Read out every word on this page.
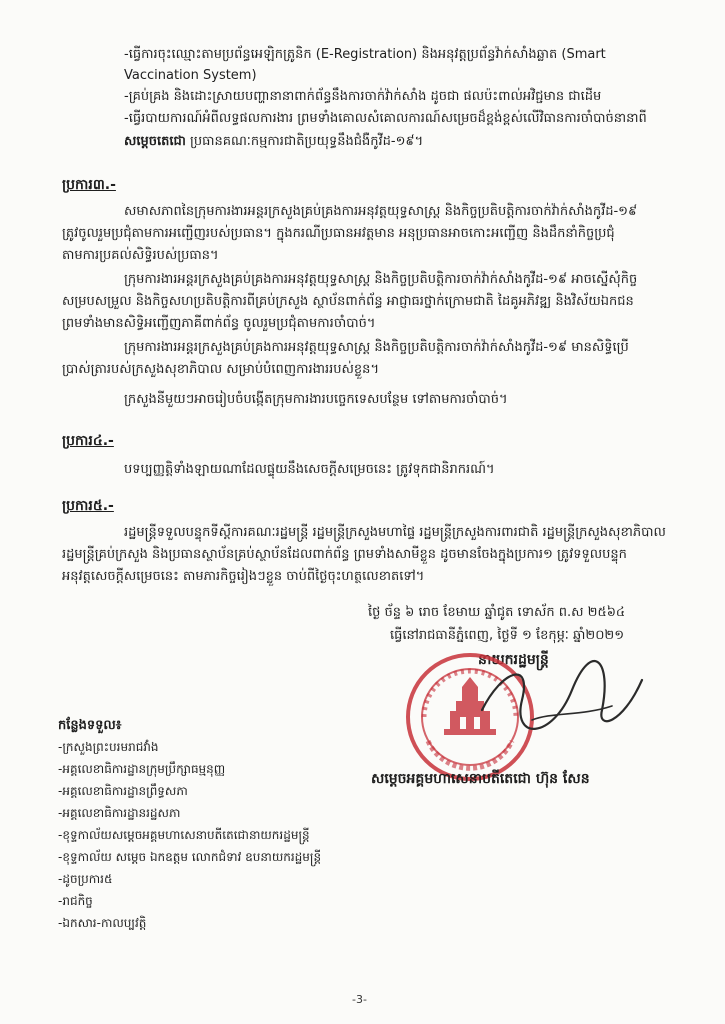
-ធ្វើការចុះឈ្មោះតាមប្រព័ន្ធអេឡិកត្រូនិក (E-Registration) និងអនុវត្តប្រព័ន្ធវ៉ាក់សាំងឆ្លាត (Smart
Vaccination System)
-គ្រប់គ្រង និងដោះស្រាយបញ្ហានានាពាក់ព័ន្ធនឹងការចាក់វ៉ាក់សាំង ដូចជា ផលប៉ះពាល់អវិជ្ជមាន ជាដើម
-ធ្វើរបាយការណ៍អំពីលទ្ធផលការងារ ព្រមទាំងគោលសំគោលការណ៍សម្រេចដ៏ខ្ពង់ខ្ពស់លើវិធានការចាំបាច់នានាពី
សម្តេចតេជោ ប្រធានគណៈកម្មការជាតិប្រយុទ្ធនឹងជំងឺកូវីដ-១៩។
ប្រការ៣.-
សមាសភាពនៃក្រុមការងារអន្តរក្រសួងគ្រប់គ្រងការអនុវត្តយុទ្ធសាស្ត្រ និងកិច្ចប្រតិបត្តិការចាក់វ៉ាក់សាំងកូវីដ-១៩
ត្រូវចូលរួមប្រជុំតាមការអញ្ជើញរបស់ប្រធាន។ ក្នុងករណីប្រធានអវត្តមាន អនុប្រធានអាចកោះអញ្ជើញ និងដឹកនាំកិច្ចប្រជុំ
តាមការប្រគល់សិទ្ធិរបស់ប្រធាន។
ក្រុមការងារអន្តរក្រសួងគ្រប់គ្រងការអនុវត្តយុទ្ធសាស្ត្រ និងកិច្ចប្រតិបត្តិការចាក់វ៉ាក់សាំងកូវីដ-១៩ អាចស្នើសុំកិច្ច
សម្របសម្រួល និងកិច្ចសហប្រតិបត្តិការពីគ្រប់ក្រសួង ស្ថាប័នពាក់ព័ន្ធ អាជ្ញាធរថ្នាក់ក្រោមជាតិ ដៃគូអភិវឌ្ឍ និងវិស័យឯកជន
ព្រមទាំងមានសិទ្ធិអញ្ជើញភាគីពាក់ព័ន្ធ ចូលរួមប្រជុំតាមការចាំបាច់។
ក្រុមការងារអន្តរក្រសួងគ្រប់គ្រងការអនុវត្តយុទ្ធសាស្ត្រ និងកិច្ចប្រតិបត្តិការចាក់វ៉ាក់សាំងកូវីដ-១៩ មានសិទ្ធិប្រើ
ប្រាស់ត្រារបស់ក្រសួងសុខាភិបាល សម្រាប់បំពេញការងាររបស់ខ្លួន។
ក្រសួងនីមួយៗអាចរៀបចំបង្កើតក្រុមការងារបច្ចេកទេសបន្ថែម ទៅតាមការចាំបាច់។
ប្រការ៤.-
បទប្បញ្ញត្តិទាំងឡាយណាដែលផ្ទុយនឹងសេចក្តីសម្រេចនេះ ត្រូវទុកជានិរាករណ៍។
ប្រការ៥.-
រដ្ឋមន្ត្រីទទួលបន្ទុកទីស្តីការគណៈរដ្ឋមន្ត្រី រដ្ឋមន្ត្រីក្រសួងមហាផ្ទៃ រដ្ឋមន្ត្រីក្រសួងការពារជាតិ រដ្ឋមន្ត្រីក្រសួងសុខាភិបាល
រដ្ឋមន្ត្រីគ្រប់ក្រសួង និងប្រធានស្ថាប័នគ្រប់ស្ថាប័នដែលពាក់ព័ន្ធ ព្រមទាំងសាមីខ្លួន ដូចមានចែងក្នុងប្រការ១ ត្រូវទទួលបន្ទុក
អនុវត្តសេចក្តីសម្រេចនេះ តាមភារកិច្ចរៀងៗខ្លួន ចាប់ពីថ្ងៃចុះហត្ថលេខាតទៅ។
ថ្ងៃ ច័ន្ទ ៦ រោច ខែមាឃ ឆ្នាំជូត ទោស័ក ព.ស ២៥៦៤
ធ្វើនៅរាជធានីភ្នំពេញ, ថ្ងៃទី ១ ខែកុម្ភៈ ឆ្នាំ២០២១
នាយករដ្ឋមន្ត្រី
សម្តេចអគ្គមហាសេនាបតីតេជោ ហ៊ុន សែន
កន្លែងទទួល៖
-ក្រសួងព្រះបរមរាជវាំង
-អគ្គលេខាធិការដ្ឋានក្រុមប្រឹក្សាធម្មនុញ្ញ
-អគ្គលេខាធិការដ្ឋានព្រឹទ្ធសភា
-អគ្គលេខាធិការដ្ឋានរដ្ឋសភា
-ខុទ្ទកាល័យសម្តេចអគ្គមហាសេនាបតីតេជោនាយករដ្ឋមន្ត្រី
-ខុទ្ទកាល័យ សម្តេច ឯកឧត្តម លោកជំទាវ ឧបនាយករដ្ឋមន្ត្រី
-ដូចប្រការ៥
-រាជកិច្ច
-ឯកសារ-កាលប្បវត្តិ
-3-
